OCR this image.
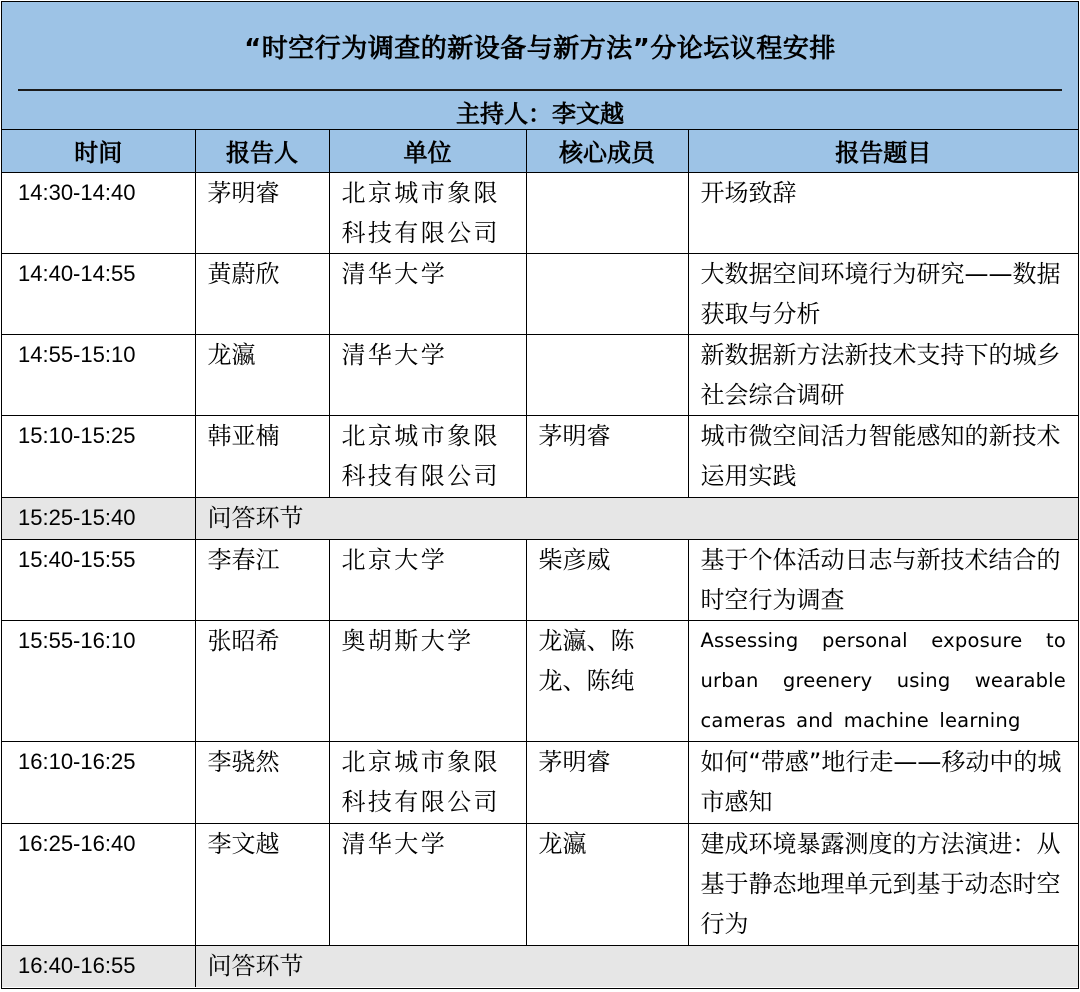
“时空行为调查的新设备与新方法”分论坛议程安排
主持人：李文越
时间	报告人	单位	核心成员	报告题目
14:30-14:40	茅明睿	北京城市象限科技有限公司		开场致辞
14:40-14:55	黄蔚欣	清华大学		大数据空间环境行为研究——数据获取与分析
14:55-15:10	龙瀛	清华大学		新数据新方法新技术支持下的城乡社会综合调研
15:10-15:25	韩亚楠	北京城市象限科技有限公司	茅明睿	城市微空间活力智能感知的新技术运用实践
15:25-15:40	问答环节			
15:40-15:55	李春江	北京大学	柴彦威	基于个体活动日志与新技术结合的时空行为调查
15:55-16:10	张昭希	奥胡斯大学	龙瀛、陈龙、陈纯	Assessing personal exposure to urban greenery using wearable cameras and machine learning
16:10-16:25	李骁然	北京城市象限科技有限公司	茅明睿	如何“带感”地行走——移动中的城市感知
16:25-16:40	李文越	清华大学	龙瀛	建成环境暴露测度的方法演进：从基于静态地理单元到基于动态时空行为
16:40-16:55	问答环节			
